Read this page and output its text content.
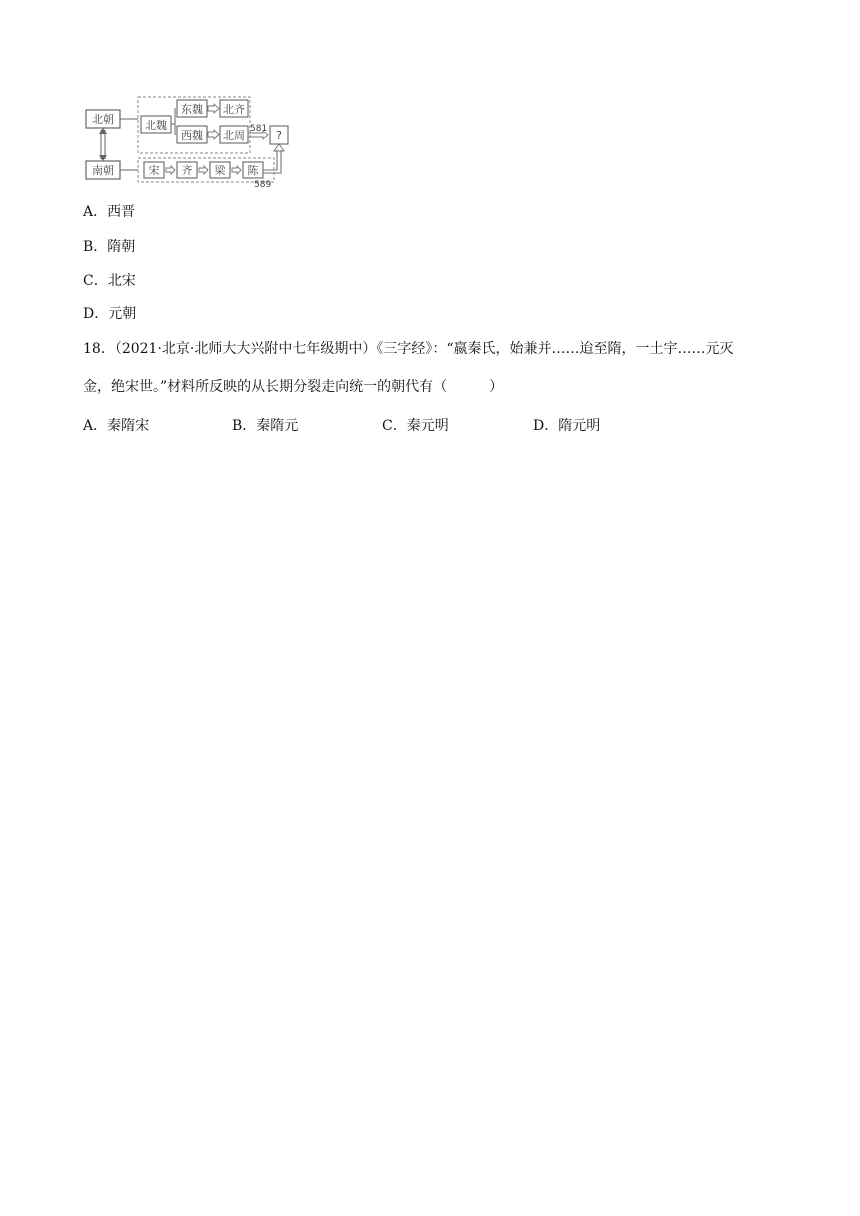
北朝
南朝
北魏
东魏
西魏
北齐
北周 581 ?
宋 齐 梁 陈
589
A．西晋
B．隋朝
C．北宋
D．元朝
18．（2021·北京·北师大大兴附中七年级期中）《三字经》：“嬴秦氏，始兼并……迨至隋，一土宇……元灭
金，绝宋世。”材料所反映的从长期分裂走向统一的朝代有（　　　）
A．秦隋宋	B．秦隋元	C．秦元明	D．隋元明
